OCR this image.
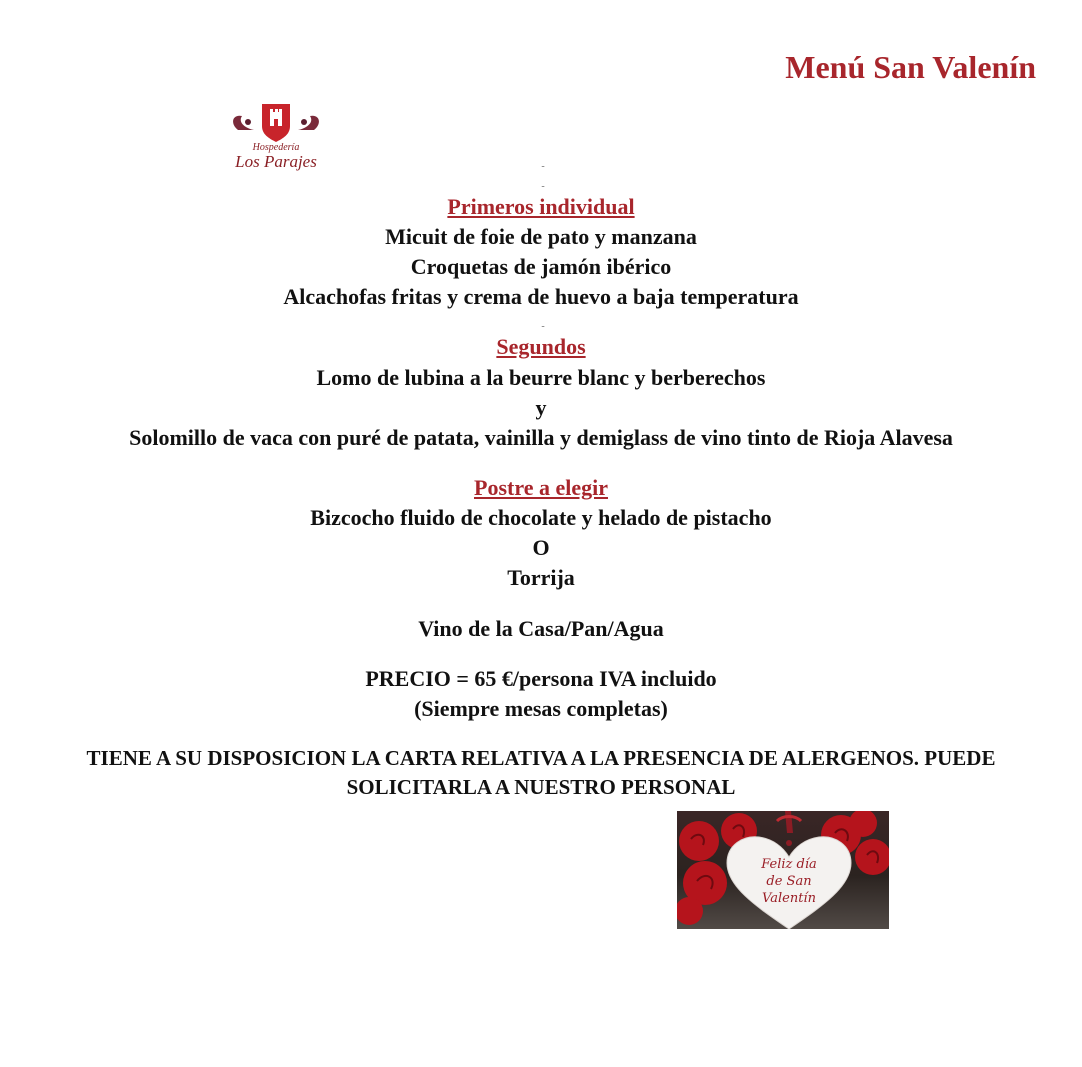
Menú San Valenín
Hospedería
Los Parajes	-
-
Primeros individual
Micuit de foie de pato y manzana
Croquetas de jamón ibérico
Alcachofas fritas y crema de huevo a baja temperatura
-
Segundos
Lomo de lubina a la beurre blanc y berberechos
y
Solomillo de vaca con puré de patata, vainilla y demiglass de vino tinto de Rioja Alavesa
Postre a elegir
Bizcocho fluido de chocolate y helado de pistacho
O
Torrija
Vino de la Casa/Pan/Agua
PRECIO = 65 €/persona IVA incluido
(Siempre mesas completas)
TIENE A SU DISPOSICION LA CARTA RELATIVA A LA PRESENCIA DE ALERGENOS. PUEDE
SOLICITARLA A NUESTRO PERSONAL
Feliz día
de San
Valentín
